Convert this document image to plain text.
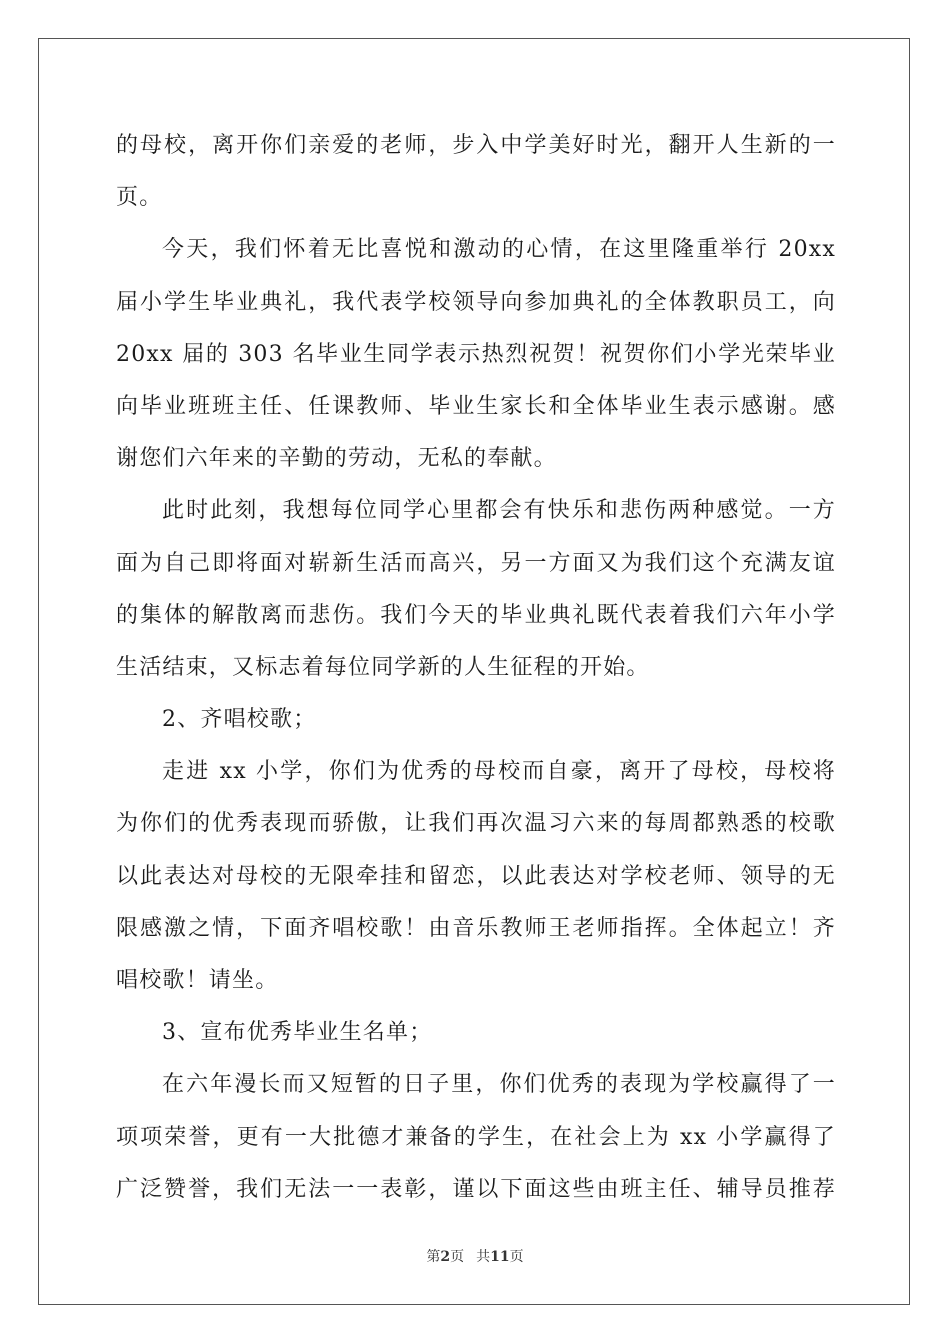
的母校，离开你们亲爱的老师，步入中学美好时光，翻开人生新的一
页。
今天，我们怀着无比喜悦和激动的心情，在这里隆重举行 20xx
届小学生毕业典礼，我代表学校领导向参加典礼的全体教职员工，向
20xx 届的 303 名毕业生同学表示热烈祝贺！祝贺你们小学光荣毕业
向毕业班班主任、任课教师、毕业生家长和全体毕业生表示感谢。感
谢您们六年来的辛勤的劳动，无私的奉献。
此时此刻，我想每位同学心里都会有快乐和悲伤两种感觉。一方
面为自己即将面对崭新生活而高兴，另一方面又为我们这个充满友谊
的集体的解散离而悲伤。我们今天的毕业典礼既代表着我们六年小学
生活结束，又标志着每位同学新的人生征程的开始。
2、齐唱校歌；
走进 xx 小学，你们为优秀的母校而自豪，离开了母校，母校将
为你们的优秀表现而骄傲，让我们再次温习六来的每周都熟悉的校歌
以此表达对母校的无限牵挂和留恋，以此表达对学校老师、领导的无
限感激之情，下面齐唱校歌！由音乐教师王老师指挥。全体起立！齐
唱校歌！请坐。
3、宣布优秀毕业生名单；
在六年漫长而又短暂的日子里，你们优秀的表现为学校赢得了一
项项荣誉，更有一大批德才兼备的学生，在社会上为 xx 小学赢得了
广泛赞誉，我们无法一一表彰，谨以下面这些由班主任、辅导员推荐
第2页 共11页
